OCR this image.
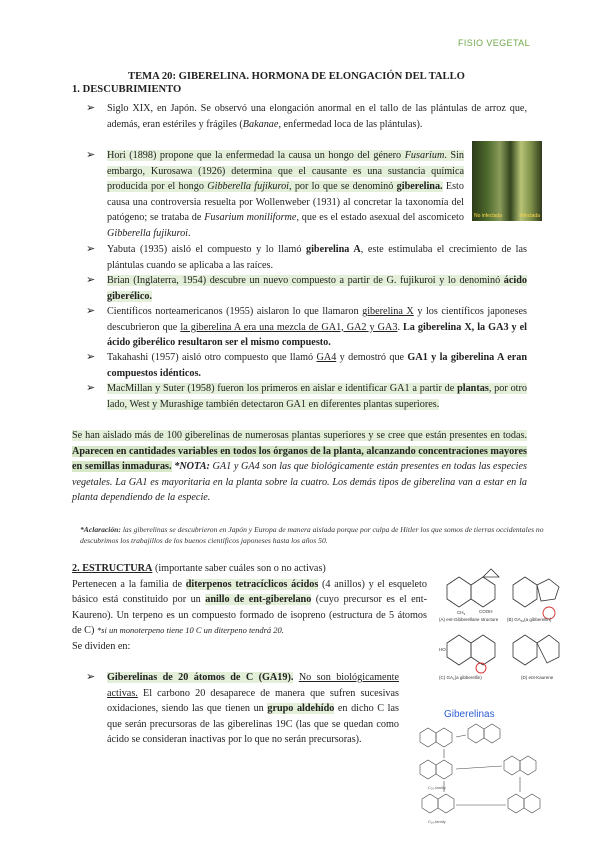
FISIO VEGETAL
TEMA 20: GIBERELINA. HORMONA DE ELONGACIÓN DEL TALLO
1. DESCUBRIMIENTO
➢ Siglo XIX, en Japón. Se observó una elongación anormal en el tallo de las plántulas de arroz que, además, eran estériles y frágiles (Bakanae, enfermedad loca de las plántulas).
➢ Hori (1898) propone que la enfermedad la causa un hongo del género Fusarium. Sin embargo, Kurosawa (1926) determina que el causante es una sustancia química producida por el hongo Gibberella fujikuroi, por lo que se denominó giberelina. Esto causa una controversia resuelta por Wollenweber (1931) al concretar la taxonomía del patógeno; se trataba de Fusarium moniliforme, que es el estado asexual del ascomiceto Gibberella fujikuroi.
No infectada	Infectada
➢ Yabuta (1935) aisló el compuesto y lo llamó giberelina A, este estimulaba el crecimiento de las plántulas cuando se aplicaba a las raíces.
➢ Brian (Inglaterra, 1954) descubre un nuevo compuesto a partir de G. fujikuroi y lo denominó ácido giberélico.
➢ Científicos norteamericanos (1955) aislaron lo que llamaron giberelina X y los científicos japoneses descubrieron que la giberelina A era una mezcla de GA1, GA2 y GA3. La giberelina X, la GA3 y el ácido giberélico resultaron ser el mismo compuesto.
➢ Takahashi (1957) aisló otro compuesto que llamó GA4 y demostró que GA1 y la giberelina A eran compuestos idénticos.
➢ MacMillan y Suter (1958) fueron los primeros en aislar e identificar GA1 a partir de plantas, por otro lado, West y Murashige también detectaron GA1 en diferentes plantas superiores.
Se han aislado más de 100 giberelinas de numerosas plantas superiores y se cree que están presentes en todas. Aparecen en cantidades variables en todos los órganos de la planta, alcanzando concentraciones mayores en semillas inmaduras. *NOTA: GA1 y GA4 son las que biológicamente están presentes en todas las especies vegetales. La GA1 es mayoritaria en la planta sobre la cuatro. Los demás tipos de giberelina van a estar en la planta dependiendo de la especie.
*Aclaración: las giberelinas se descubrieron en Japón y Europa de manera aislada porque por culpa de Hitler los que somos de tierras occidentales no descubrimos los trabajillos de los buenos científicos japoneses hasta los años 50.
2. ESTRUCTURA (importante saber cuáles son o no activas)
Pertenecen a la familia de diterpenos tetracíclicos ácidos (4 anillos) y el esqueleto básico está constituido por un anillo de ent-giberelano (cuyo precursor es el ent-Kaureno). Un terpeno es un compuesto formado de isopreno (estructura de 5 átomos de C) *si un monoterpeno tiene 10 C un diterpeno tendrá 20.
Se dividen en:
➢ Giberelinas de 20 átomos de C (GA19). No son biológicamente activas. El carbono 20 desaparece de manera que sufren sucesivas oxidaciones, siendo las que tienen un grupo aldehído en dicho C las que serán precursoras de las giberelinas 19C (las que se quedan como ácido se consideran inactivas por lo que no serán precursoras).
(A) ent-Gibberellane structure (B) $GA_{12}(a$ gibberellin)
(C) $GA_1(a$ gibberellin)	(D) ent-Kaurene
COOH
$CH_3$
HO
Giberelinas
C₂₀-family
C₁₉-family
